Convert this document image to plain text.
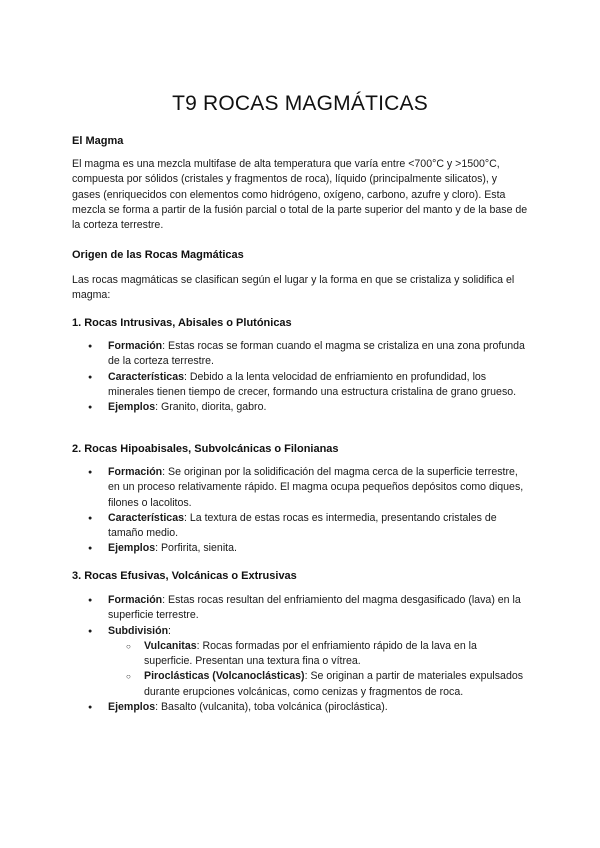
T9 ROCAS MAGMÁTICAS
El Magma

El magma es una mezcla multifase de alta temperatura que varía entre <700°C y >1500°C, compuesta por sólidos (cristales y fragmentos de roca), líquido (principalmente silicatos), y gases (enriquecidos con elementos como hidrógeno, oxígeno, carbono, azufre y cloro). Esta mezcla se forma a partir de la fusión parcial o total de la parte superior del manto y de la base de la corteza terrestre.

Origen de las Rocas Magmáticas

Las rocas magmáticas se clasifican según el lugar y la forma en que se cristaliza y solidifica el magma:

1. Rocas Intrusivas, Abisales o Plutónicas
● Formación: Estas rocas se forman cuando el magma se cristaliza en una zona profunda de la corteza terrestre.
● Características: Debido a la lenta velocidad de enfriamiento en profundidad, los minerales tienen tiempo de crecer, formando una estructura cristalina de grano grueso.
● Ejemplos: Granito, diorita, gabro.
2. Rocas Hipoabisales, Subvolcánicas o Filonianas
● Formación: Se originan por la solidificación del magma cerca de la superficie terrestre, en un proceso relativamente rápido. El magma ocupa pequeños depósitos como diques, filones o lacolitos.
● Características: La textura de estas rocas es intermedia, presentando cristales de tamaño medio.
● Ejemplos: Porfirita, sienita.
3. Rocas Efusivas, Volcánicas o Extrusivas
● Formación: Estas rocas resultan del enfriamiento del magma desgasificado (lava) en la superficie terrestre.
● Subdivisión:
○ Vulcanitas: Rocas formadas por el enfriamiento rápido de la lava en la superficie. Presentan una textura fina o vítrea.
○ Piroclásticas (Volcanoclásticas): Se originan a partir de materiales expulsados durante erupciones volcánicas, como cenizas y fragmentos de roca.
● Ejemplos: Basalto (vulcanita), toba volcánica (piroclástica).
